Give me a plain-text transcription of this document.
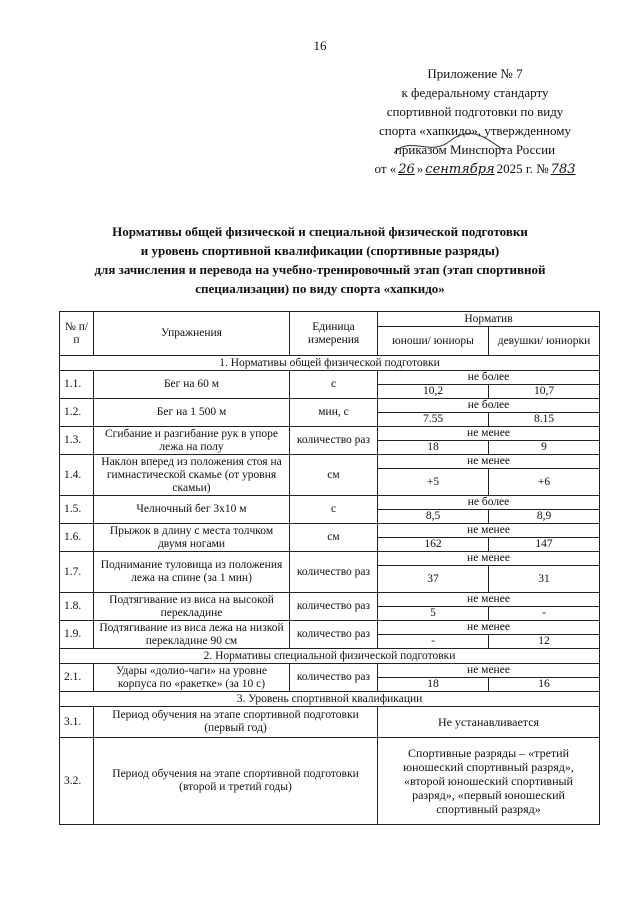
16
Приложение № 7
к федеральному стандарту
спортивной подготовки по виду
спорта «хапкидо», утвержденному
приказом Минспорта России
от « 26 » сентября 2025 г. № 783
Нормативы общей физической и специальной физической подготовки
и уровень спортивной квалификации (спортивные разряды)
для зачисления и перевода на учебно-тренировочный этап (этап спортивной
специализации) по виду спорта «хапкидо»
№ п/п	Упражнения	Единица измерения	Норматив	
			юноши/ юниоры	девушки/ юниорки
1. Нормативы общей физической подготовки				
1.1.	Бег на 60 м	с	не более	
			10,2	10,7
1.2.	Бег на 1 500 м	мин, с	не более	
			7.55	8.15
1.3.	Сгибание и разгибание рук в упоре лежа на полу	количество раз	не менее	
			18	9
1.4.	Наклон вперед из положения стоя на гимнастической скамье (от уровня скамьи)	см	не менее	
			+5	+6
1.5.	Челночный бег 3х10 м	с	не более	
			8,5	8,9
1.6.	Прыжок в длину с места толчком двумя ногами	см	не менее	
			162	147
1.7.	Поднимание туловища из положения лежа на спине (за 1 мин)	количество раз	не менее	
			37	31
1.8.	Подтягивание из виса на высокой перекладине	количество раз	не менее	
			5	-
1.9.	Подтягивание из виса лежа на низкой перекладине 90 см	количество раз	не менее	
			-	12
2. Нормативы специальной физической подготовки				
2.1.	Удары «долио-чаги» на уровне корпуса по «ракетке» (за 10 с)	количество раз	не менее	
			18	16
3. Уровень спортивной квалификации				
3.1.	Период обучения на этапе спортивной подготовки (первый год)		Не устанавливается	
3.2.	Период обучения на этапе спортивной подготовки (второй и третий годы)		Спортивные разряды – «третий юношеский спортивный разряд», «второй юношеский спортивный разряд», «первый юношеский спортивный разряд»	
